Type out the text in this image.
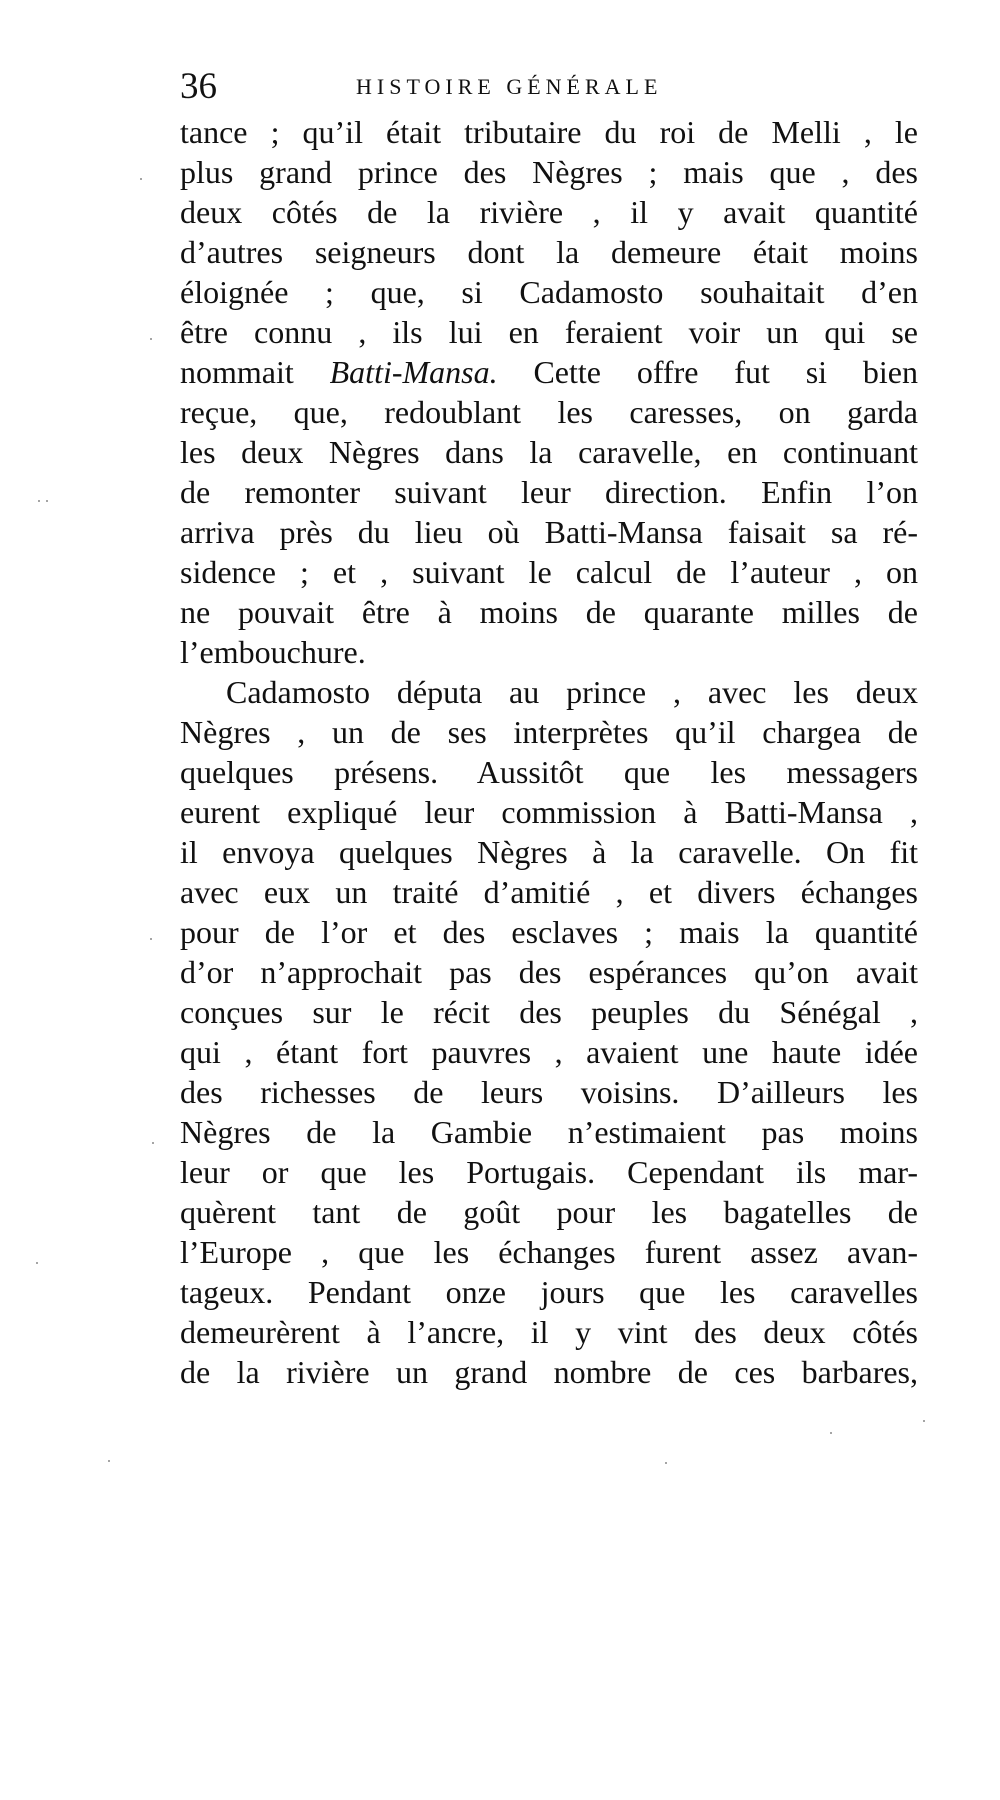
36	HISTOIRE GÉNÉRALE
tance ; qu’il était tributaire du roi de Melli , le
plus grand prince des Nègres ; mais que , des
deux côtés de la rivière , il y avait quantité
d’autres seigneurs dont la demeure était moins
éloignée ; que, si Cadamosto souhaitait d’en
être connu , ils lui en feraient voir un qui se
nommait Batti-Mansa. Cette offre fut si bien
reçue, que, redoublant les caresses, on garda
les deux Nègres dans la caravelle, en continuant
de remonter suivant leur direction. Enfin l’on
arriva près du lieu où Batti-Mansa faisait sa ré-
sidence ; et , suivant le calcul de l’auteur , on
ne pouvait être à moins de quarante milles de
l’embouchure.
Cadamosto députa au prince , avec les deux
Nègres , un de ses interprètes qu’il chargea de
quelques présens. Aussitôt que les messagers
eurent expliqué leur commission à Batti-Mansa ,
il envoya quelques Nègres à la caravelle. On fit
avec eux un traité d’amitié , et divers échanges
pour de l’or et des esclaves ; mais la quantité
d’or n’approchait pas des espérances qu’on avait
conçues sur le récit des peuples du Sénégal ,
qui , étant fort pauvres , avaient une haute idée
des richesses de leurs voisins. D’ailleurs les
Nègres de la Gambie n’estimaient pas moins
leur or que les Portugais. Cependant ils mar-
quèrent tant de goût pour les bagatelles de
l’Europe , que les échanges furent assez avan-
tageux. Pendant onze jours que les caravelles
demeurèrent à l’ancre, il y vint des deux côtés
de la rivière un grand nombre de ces barbares,
